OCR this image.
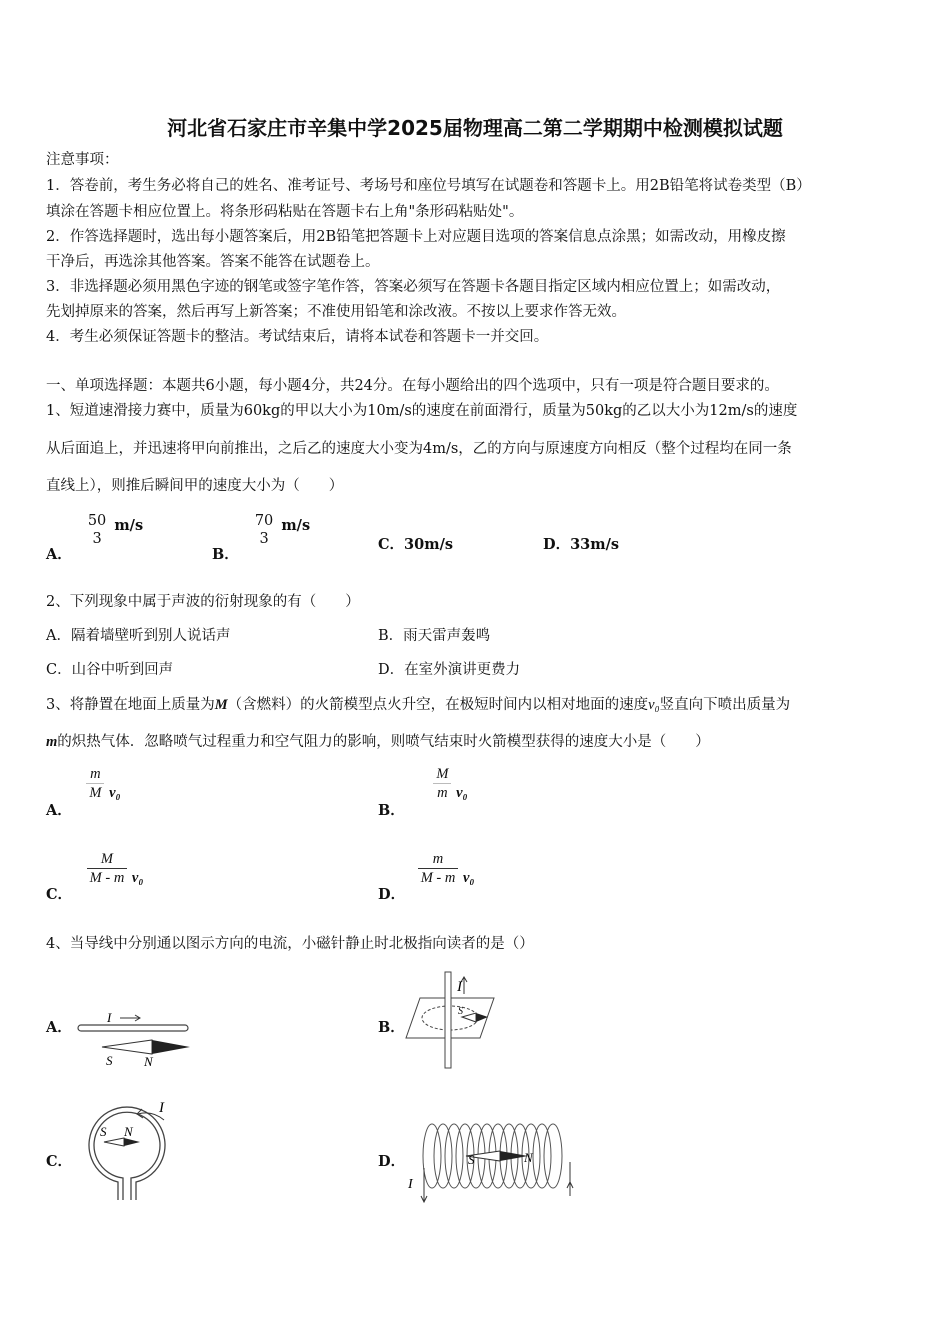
河北省石家庄市辛集中学2025届物理高二第二学期期中检测模拟试题
注意事项：
1．答卷前，考生务必将自己的姓名、准考证号、考场号和座位号填写在试题卷和答题卡上。用2B铅笔将试卷类型（B）
填涂在答题卡相应位置上。将条形码粘贴在答题卡右上角"条形码粘贴处"。
2．作答选择题时，选出每小题答案后，用2B铅笔把答题卡上对应题目选项的答案信息点涂黑；如需改动，用橡皮擦
干净后，再选涂其他答案。答案不能答在试题卷上。
3．非选择题必须用黑色字迹的钢笔或签字笔作答，答案必须写在答题卡各题目指定区域内相应位置上；如需改动，
先划掉原来的答案，然后再写上新答案；不准使用铅笔和涂改液。不按以上要求作答无效。
4．考生必须保证答题卡的整洁。考试结束后，请将本试卷和答题卡一并交回。
一、单项选择题：本题共6小题，每小题4分，共24分。在每小题给出的四个选项中，只有一项是符合题目要求的。
1、短道速滑接力赛中，质量为60kg的甲以大小为10m/s的速度在前面滑行，质量为50kg的乙以大小为12m/s的速度
从后面追上，并迅速将甲向前推出，之后乙的速度大小变为4m/s，乙的方向与原速度方向相反（整个过程均在同一条
直线上），则推后瞬间甲的速度大小为（　　）
A．
50
3
m/s
B．
70
3
m/s
C．30m/s	D．33m/s
2、下列现象中属于声波的衍射现象的有（　　）
A．隔着墙壁听到别人说话声	B．雨天雷声轰鸣
C．山谷中听到回声	D．在室外演讲更费力
3、将静置在地面上质量为M（含燃料）的火箭模型点火升空，在极短时间内以相对地面的速度v₀竖直向下喷出质量为
m的炽热气体．忽略喷气过程重力和空气阻力的影响，则喷气结束时火箭模型获得的速度大小是（　　）
A．
$\frac{m}{M} v_0$
B．
$\frac{M}{m} v_0$
C．
$\frac{M}{M - m} v_0$
D．
$\frac{m}{M - m} v_0$
4、当导线中分别通以图示方向的电流，小磁针静止时北极指向读者的是（）
A．
I
S N
B．
I
S
C．
I
S N
D．
I
S	N
